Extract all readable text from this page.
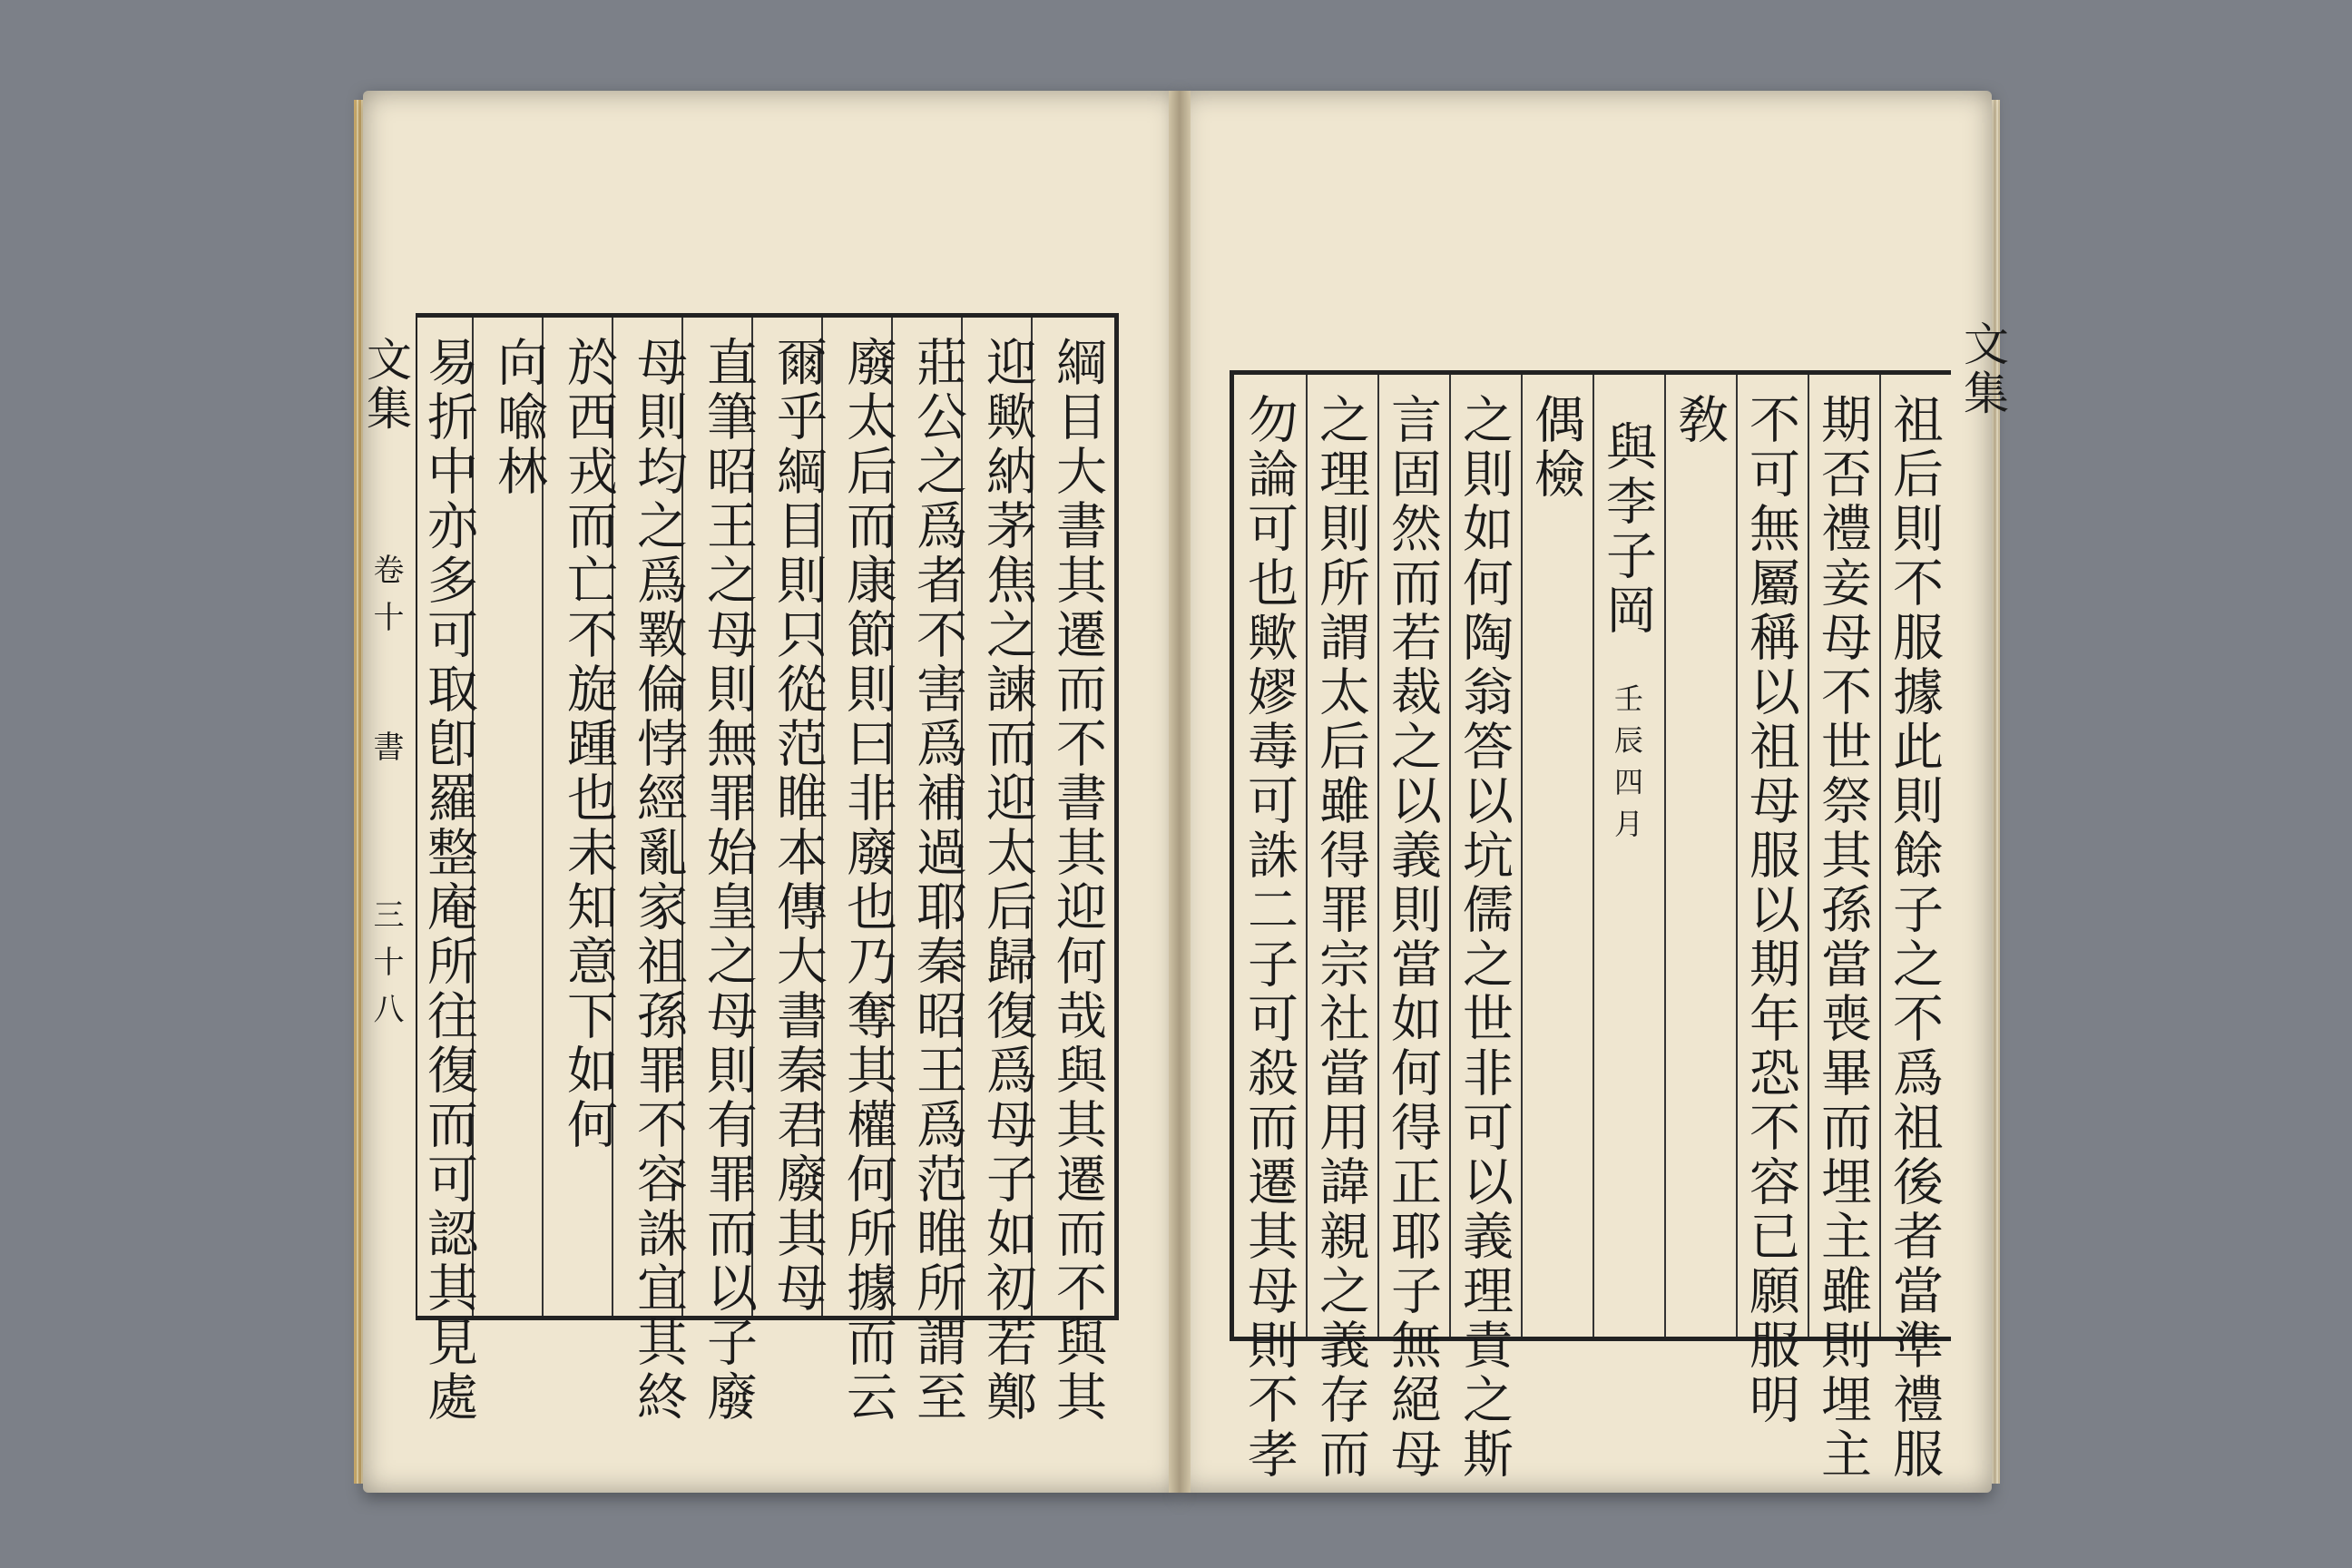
文集
卷十
書
三十八 易折中亦多可取卽羅整庵所往復而可認其見處 向喩林 於西戎而亡不旋踵也未知意下如何 母則均之爲斁倫悖經亂家祖孫罪不容誅宜其終 直筆昭王之母則無罪始皇之母則有罪而以子廢 爾乎綱目則只從范睢本傳大書秦君廢其母 廢太后而康節則曰非廢也乃奪其權何所據而云 莊公之爲者不害爲補過耶秦昭王爲范睢所謂至 迎歟納茅焦之諫而迎太后歸復爲母子如初若鄭 綱目大書其遷而不書其迎何哉與其遷而不與其	文集
勿論可也歟嫪毒可誅二子可殺而遷其母則不孝 之理則所謂太后雖得罪宗社當用諱親之義存而 言固然而若裁之以義則當如何得正耶子無絕母 之則如何陶翁答以坑儒之世非可以義理責之斯 偶檢 與李子岡
壬辰四月
敎 不可無屬稱以祖母服以期年恐不容已願服明 期否禮妾母不世祭其孫當喪畢而埋主雖則埋主 祖后則不服據此則餘子之不爲祖後者當準禮服
